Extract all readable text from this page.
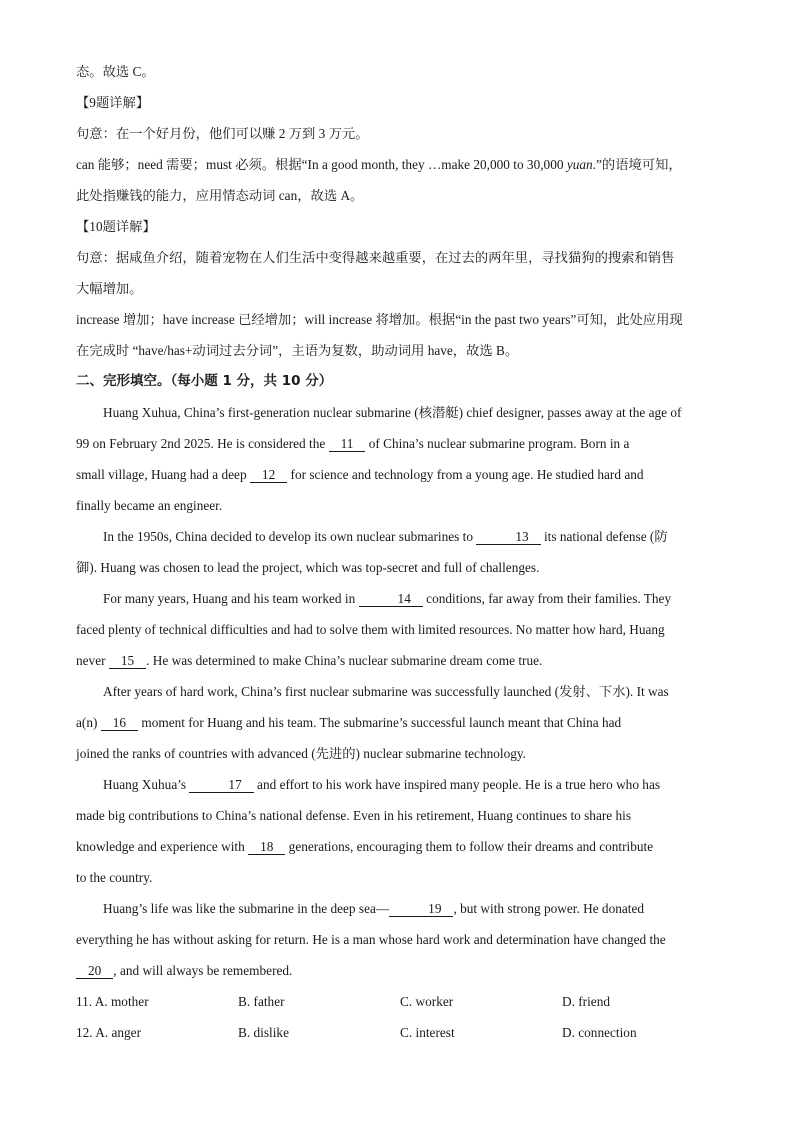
态。故选 C。
【9题详解】
句意：在一个好月份，他们可以赚 2 万到 3 万元。
can 能够；need 需要；must 必须。根据“In a good month, they …make 20,000 to 30,000 yuan.”的语境可知，
此处指赚钱的能力，应用情态动词 can，故选 A。
【10题详解】
句意：据咸鱼介绍，随着宠物在人们生活中变得越来越重要，在过去的两年里，寻找猫狗的搜索和销售
大幅增加。
increase 增加；have increase 已经增加；will increase 将增加。根据“in the past two years”可知，此处应用现
在完成时 “have/has+动词过去分词”，主语为复数，助动词用 have，故选 B。
二、完形填空。（每小题 1 分，共 10 分）
Huang Xuhua, China’s first-generation nuclear submarine (核潜艇) chief designer, passes away at the age of
99 on February 2nd 2025. He is considered the 11 of China’s nuclear submarine program. Born in a
small village, Huang had a deep 12 for science and technology from a young age. He studied hard and
finally became an engineer.
In the 1950s, China decided to develop its own nuclear submarines to	13 its national defense (防
御). Huang was chosen to lead the project, which was top-secret and full of challenges.
For many years, Huang and his team worked in	14 conditions, far away from their families. They
faced plenty of technical difficulties and had to solve them with limited resources. No matter how hard, Huang
never 15 . He was determined to make China’s nuclear submarine dream come true.
After years of hard work, China’s first nuclear submarine was successfully launched (发射、下水). It was
a(n) 16 moment for Huang and his team. The submarine’s successful launch meant that China had
joined the ranks of countries with advanced (先进的) nuclear submarine technology.
Huang Xuhua’s	17 and effort to his work have inspired many people. He is a true hero who has
made big contributions to China’s national defense. Even in his retirement, Huang continues to share his
knowledge and experience with 18 generations, encouraging them to follow their dreams and contribute
to the country.
Huang’s life was like the submarine in the deep sea—	19 , but with strong power. He donated
everything he has without asking for return. He is a man whose hard work and determination have changed the
20 , and will always be remembered.
11. A. mother	B. father	C. worker	D. friend
12. A. anger	B. dislike	C. interest	D. connection
